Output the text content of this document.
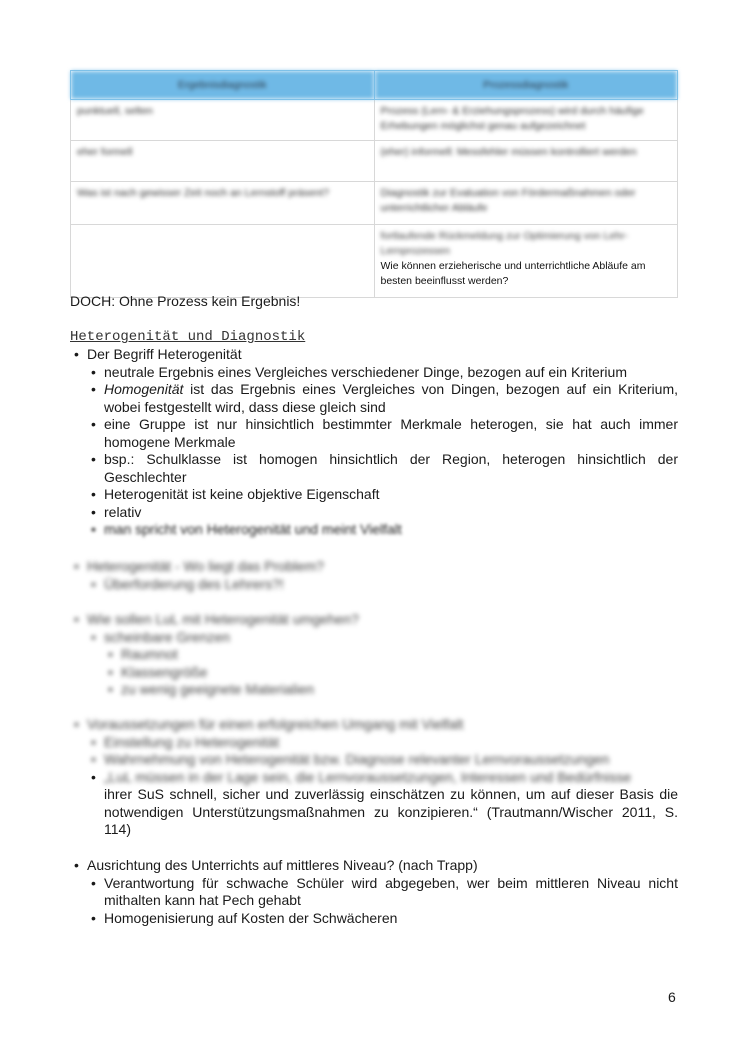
Ergebnisdiagnostik	Prozessdiagnostik
punktuell, selten	Prozess (Lern- & Erziehungsprozess) wird durch häufige Erhebungen möglichst genau aufgezeichnet
eher formell	(eher) informell: Messfehler müssen kontrolliert werden
Was ist nach gewisser Zeit noch an Lernstoff präsent?	Diagnostik zur Evaluation von Fördermaßnahmen oder unterrichtlicher Abläufe

	fortlaufende Rückmeldung zur Optimierung von Lehr-Lernprozessen
Wie können erzieherische und unterrichtliche Abläufe am besten beeinflusst werden?
DOCH: Ohne Prozess kein Ergebnis!
Heterogenität und Diagnostik
• Der Begriff Heterogenität
• neutrale Ergebnis eines Vergleiches verschiedener Dinge, bezogen auf ein Kriterium
• Homogenität ist das Ergebnis eines Vergleiches von Dingen, bezogen auf ein Kriterium, wobei festgestellt wird, dass diese gleich sind
• eine Gruppe ist nur hinsichtlich bestimmter Merkmale heterogen, sie hat auch immer homogene Merkmale
• bsp.: Schulklasse ist homogen hinsichtlich der Region, heterogen hinsichtlich der Geschlechter
• Heterogenität ist keine objektive Eigenschaft
• relativ
• man spricht von Heterogenität und meint Vielfalt
• Heterogenität - Wo liegt das Problem?
• Überforderung des Lehrers?!
• Wie sollen LuL mit Heterogenität umgehen?
• scheinbare Grenzen
• Raumnot
• Klassengröße
• zu wenig geeignete Materialien
• Voraussetzungen für einen erfolgreichen Umgang mit Vielfalt
• Einstellung zu Heterogenität
• Wahrnehmung von Heterogenität bzw. Diagnose relevanter Lernvoraussetzungen
• „LuL müssen in der Lage sein, die Lernvoraussetzungen, Interessen und Bedürfnisse
ihrer SuS schnell, sicher und zuverlässig einschätzen zu können, um auf dieser Basis die notwendigen Unterstützungsmaßnahmen zu konzipieren.“ (Trautmann/Wischer 2011, S. 114)
• Ausrichtung des Unterrichts auf mittleres Niveau? (nach Trapp)
• Verantwortung für schwache Schüler wird abgegeben, wer beim mittleren Niveau nicht mithalten kann hat Pech gehabt
• Homogenisierung auf Kosten der Schwächeren
6
